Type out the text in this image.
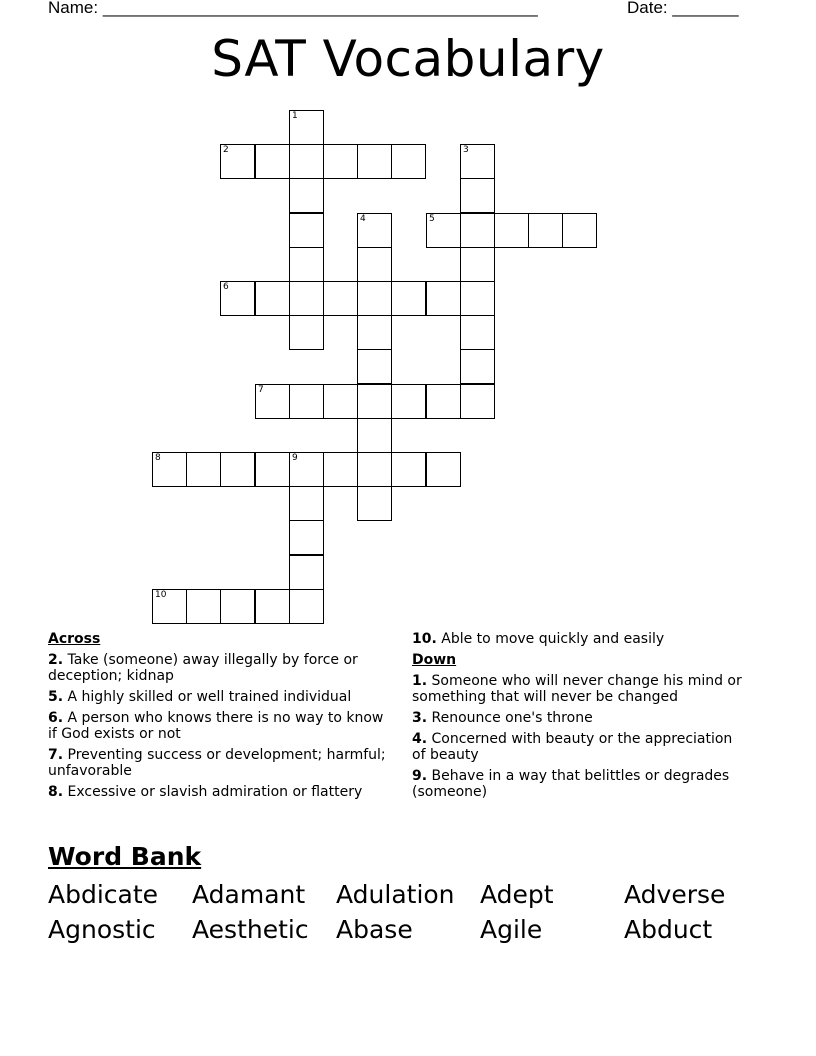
Name: ______________________________________________	Date: _______
SAT Vocabulary
1
2	3
4	5
6
7
8	9
10
Across
2. Take (someone) away illegally by force or deception; kidnap
5. A highly skilled or well trained individual
6. A person who knows there is no way to know if God exists or not
7. Preventing success or development; harmful; unfavorable
8. Excessive or slavish admiration or flattery
10. Able to move quickly and easily
Down
1. Someone who will never change his mind or something that will never be changed
3. Renounce one's throne
4. Concerned with beauty or the appreciation of beauty
9. Behave in a way that belittles or degrades (someone)
Word Bank
Abdicate	Adamant	Adulation	Adept	Adverse
Agnostic	Aesthetic	Abase	Agile	Abduct
